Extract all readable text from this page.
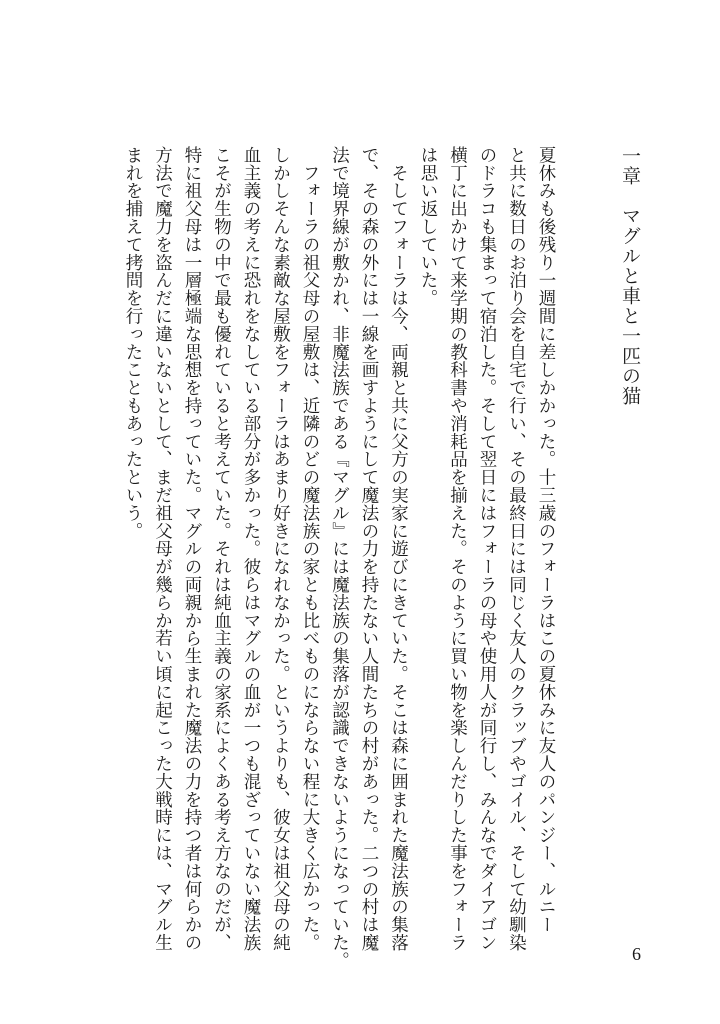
一章　マグルと車と一匹の猫
夏休みも後残り一週間に差しかかった。十三歳のフォーラはこの夏休みに友人のパンジー、ルニー
と共に数日のお泊り会を自宅で行い、その最終日には同じく友人のクラッブやゴイル、そして幼馴染
のドラコも集まって宿泊した。そして翌日にはフォーラの母や使用人が同行し、みんなでダイアゴン
横丁に出かけて来学期の教科書や消耗品を揃えた。そのように買い物を楽しんだりした事をフォーラ
は思い返していた。
　そしてフォーラは今、両親と共に父方の実家に遊びにきていた。そこは森に囲まれた魔法族の集落
で、その森の外には一線を画すようにして魔法の力を持たない人間たちの村があった。二つの村は魔
法で境界線が敷かれ、非魔法族である『マグル』には魔法族の集落が認識できないようになっていた。
　フォーラの祖父母の屋敷は、近隣のどの魔法族の家とも比べものにならない程に大きく広かった。
しかしそんな素敵な屋敷をフォーラはあまり好きになれなかった。というよりも、彼女は祖父母の純
血主義の考えに恐れをなしている部分が多かった。彼らはマグルの血が一つも混ざっていない魔法族
こそが生物の中で最も優れていると考えていた。それは純血主義の家系によくある考え方なのだが、
特に祖父母は一層極端な思想を持っていた。マグルの両親から生まれた魔法の力を持つ者は何らかの
方法で魔力を盗んだに違いないとして、まだ祖父母が幾らか若い頃に起こった大戦時には、マグル生
まれを捕えて拷問を行ったこともあったという。
6
